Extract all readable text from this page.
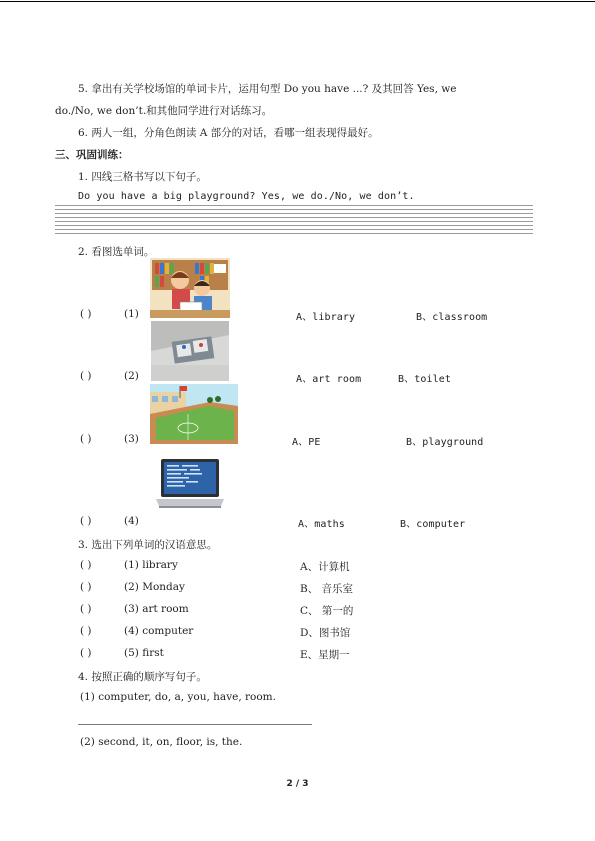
5. 拿出有关学校场馆的单词卡片，运用句型 Do you have ...? 及其回答 Yes, we
do./No, we don’t.和其他同学进行对话练习。
6. 两人一组，分角色朗读 A 部分的对话，看哪一组表现得最好。
三、巩固训练：
1. 四线三格书写以下句子。
Do you have a big playground? Yes, we do./No, we don’t.
2. 看图选单词。
( )	(1)	A、library	B、classroom
( )	(2)	A、art room	B、toilet
( )	(3)	A、PE	B、playground
( )	(4)	A、maths	B、computer
3. 选出下列单词的汉语意思。
( )	(1) library	A、计算机
( )	(2) Monday	B、 音乐室
( )	(3) art room	C、 第一的
( )	(4) computer	D、图书馆
( )	(5) first	E、星期一
4. 按照正确的顺序写句子。
(1) computer, do, a, you, have, room.
(2) second, it, on, floor, is, the.
2 / 3
